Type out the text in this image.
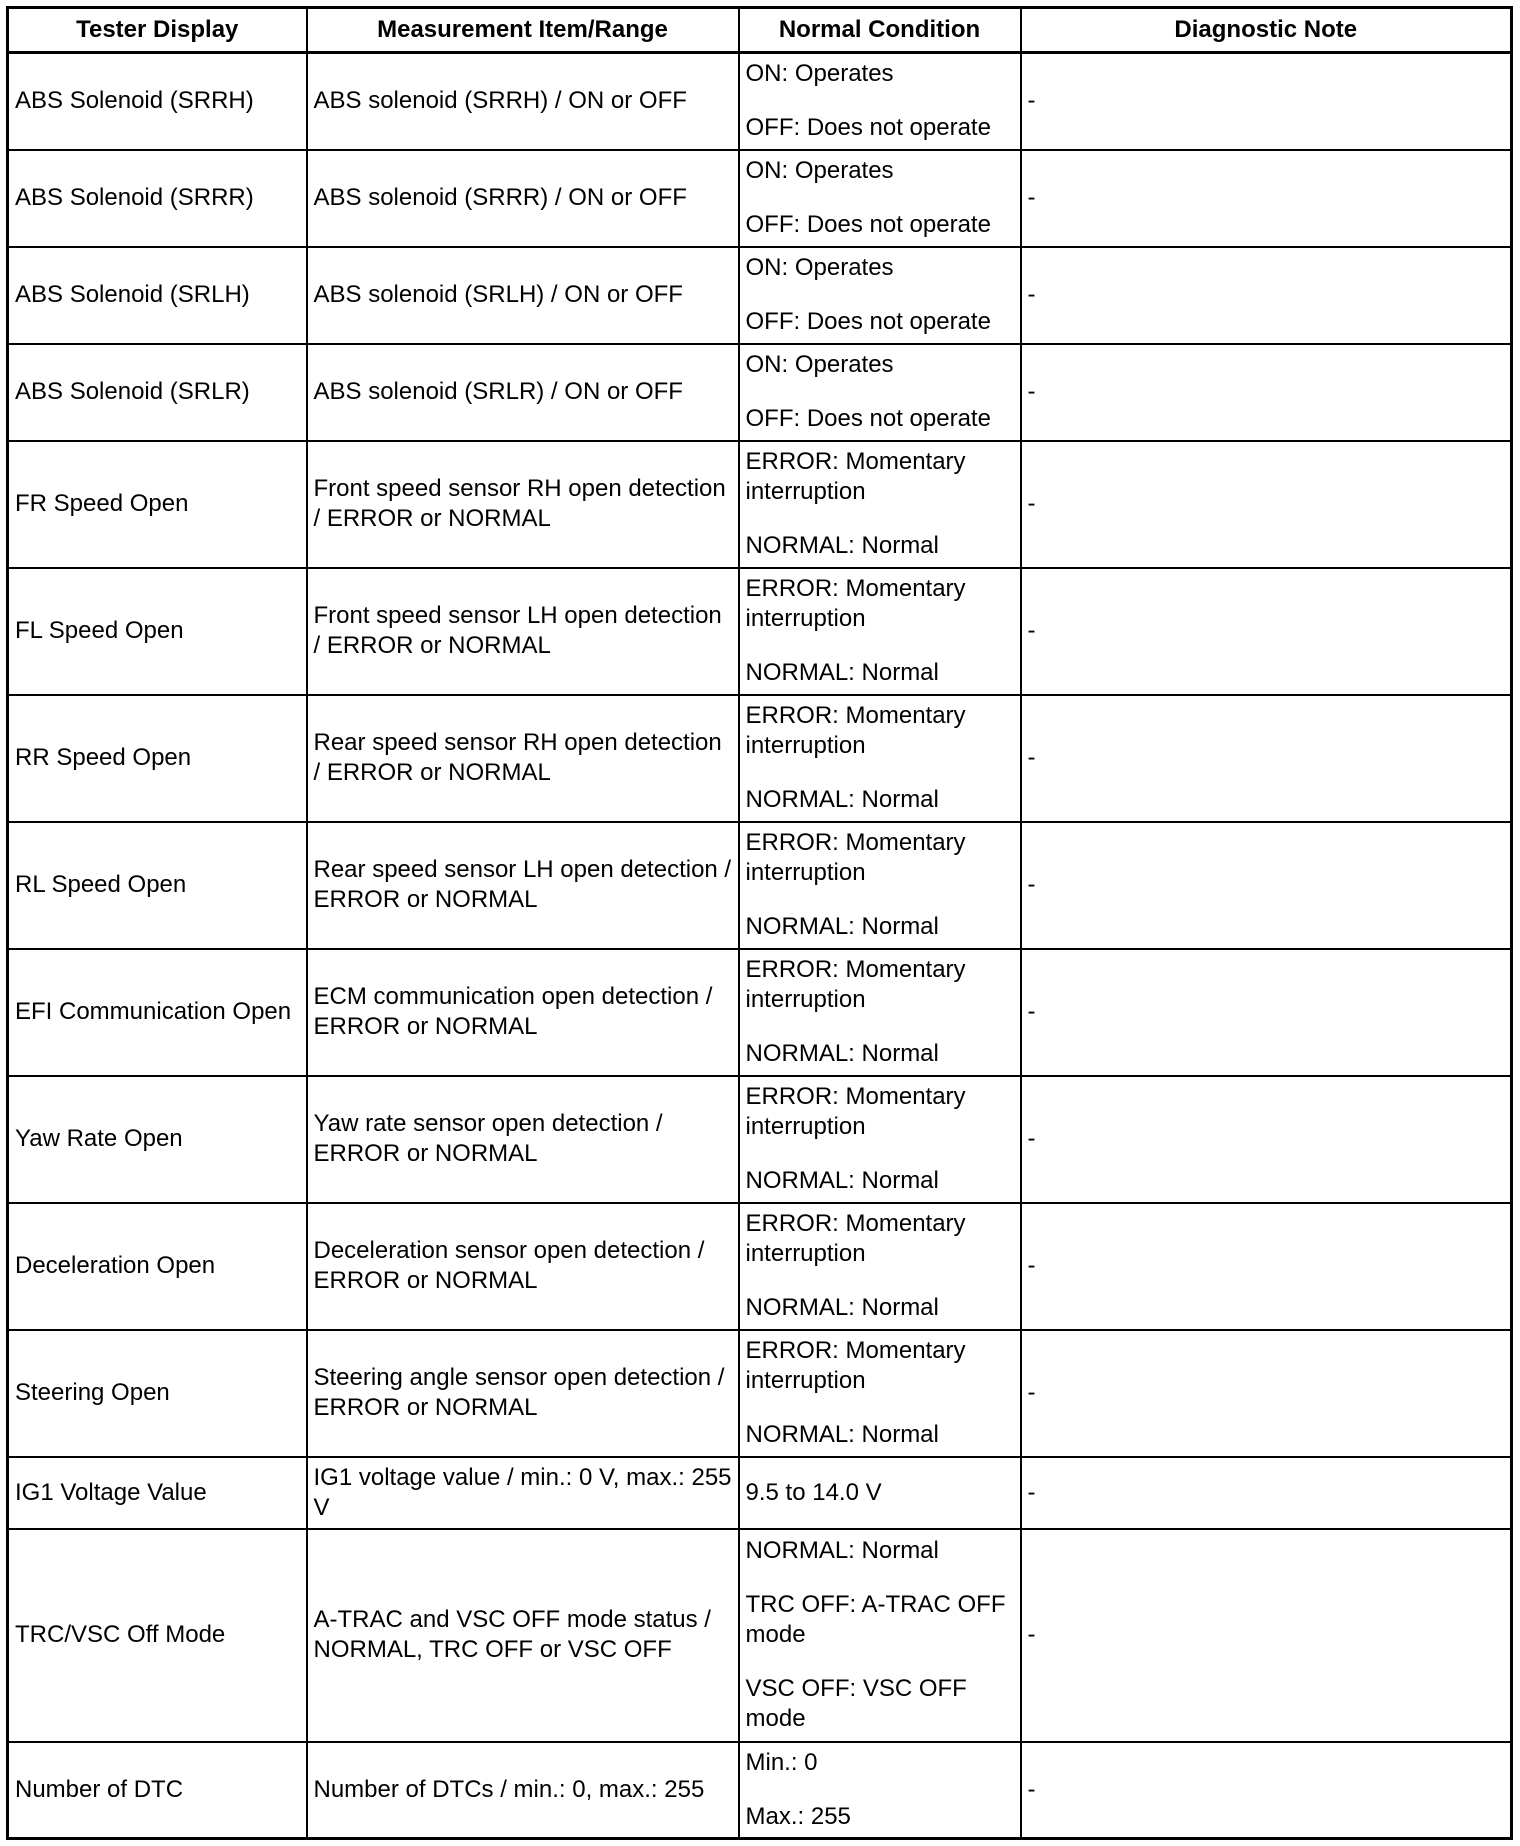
Tester Display	Measurement Item/Range	Normal Condition	Diagnostic Note
ABS Solenoid (SRRH)	ABS solenoid (SRRH) / ON or OFF	ON: Operates

OFF: Does not operate	-
ABS Solenoid (SRRR)	ABS solenoid (SRRR) / ON or OFF	ON: Operates

OFF: Does not operate	-
ABS Solenoid (SRLH)	ABS solenoid (SRLH) / ON or OFF	ON: Operates

OFF: Does not operate	-
ABS Solenoid (SRLR)	ABS solenoid (SRLR) / ON or OFF	ON: Operates

OFF: Does not operate	-
FR Speed Open	Front speed sensor RH open detection / ERROR or NORMAL	ERROR: Momentary interruption

NORMAL: Normal	-
FL Speed Open	Front speed sensor LH open detection / ERROR or NORMAL	ERROR: Momentary interruption

NORMAL: Normal	-
RR Speed Open	Rear speed sensor RH open detection / ERROR or NORMAL	ERROR: Momentary interruption

NORMAL: Normal	-
RL Speed Open	Rear speed sensor LH open detection / ERROR or NORMAL	ERROR: Momentary interruption

NORMAL: Normal	-
EFI Communication Open	ECM communication open detection / ERROR or NORMAL	ERROR: Momentary interruption

NORMAL: Normal	-
Yaw Rate Open	Yaw rate sensor open detection / ERROR or NORMAL	ERROR: Momentary interruption

NORMAL: Normal	-
Deceleration Open	Deceleration sensor open detection / ERROR or NORMAL	ERROR: Momentary interruption

NORMAL: Normal	-
Steering Open	Steering angle sensor open detection / ERROR or NORMAL	ERROR: Momentary interruption

NORMAL: Normal	-
IG1 Voltage Value	IG1 voltage value / min.: 0 V, max.: 255 V	9.5 to 14.0 V	-
TRC/VSC Off Mode	A-TRAC and VSC OFF mode status / NORMAL, TRC OFF or VSC OFF	NORMAL: Normal

TRC OFF: A-TRAC OFF mode

VSC OFF: VSC OFF mode	-
Number of DTC	Number of DTCs / min.: 0, max.: 255	Min.: 0

Max.: 255	-
